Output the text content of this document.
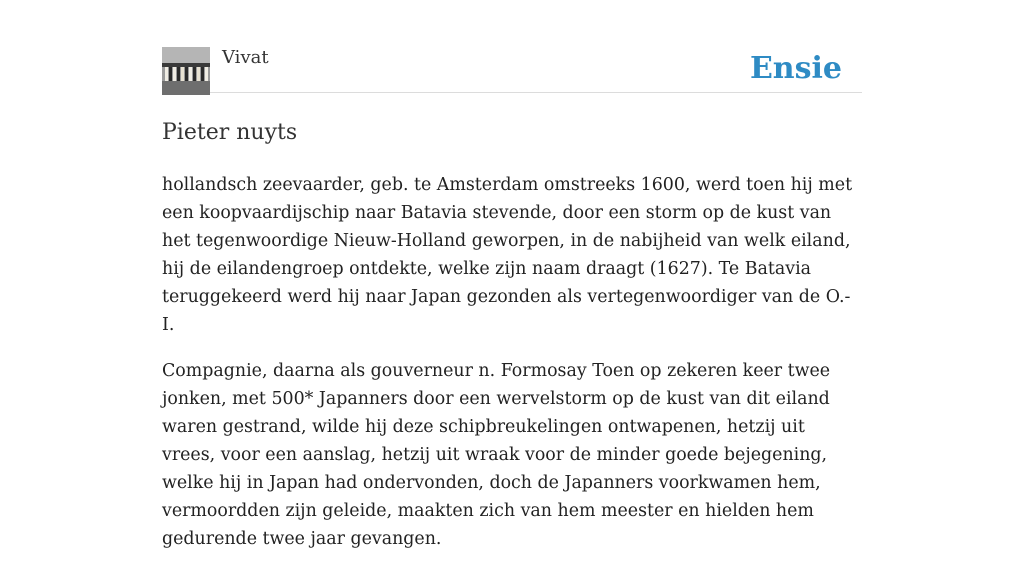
Vivat	Ensie
Pieter nuyts

hollandsch zeevaarder, geb. te Amsterdam omstreeks 1600, werd toen hij met een koopvaardijschip naar Batavia stevende, door een storm op de kust van het tegenwoordige Nieuw-Holland geworpen, in de nabijheid van welk eiland, hij de eilandengroep ontdekte, welke zijn naam draagt (1627). Te Batavia teruggekeerd werd hij naar Japan gezonden als vertegenwoordiger van de O.-I.

Compagnie, daarna als gouverneur n. Formosay Toen op zekeren keer twee jonken, met 500* Japanners door een wervelstorm op de kust van dit eiland waren gestrand, wilde hij deze schipbreukelingen ontwapenen, hetzij uit vrees, voor een aanslag, hetzij uit wraak voor de minder goede bejegening, welke hij in Japan had ondervonden, doch de Japanners voorkwamen hem, vermoordden zijn geleide, maakten zich van hem meester en hielden hem gedurende twee jaar gevangen.
